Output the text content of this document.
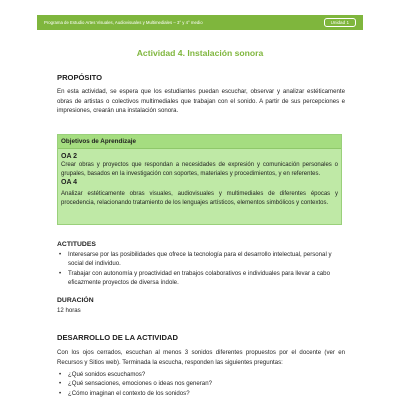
Programa de Estudio Artes Visuales, Audiovisuales y Multimediales – 3° y 4° medio	Unidad 1
Actividad 4. Instalación sonora

PROPÓSITO

En esta actividad, se espera que los estudiantes puedan escuchar, observar y analizar estéticamente obras de artistas o colectivos multimediales que trabajan con el sonido. A partir de sus percepciones e impresiones, crearán una instalación sonora.

Objetivos de Aprendizaje

OA 2

Crear obras y proyectos que respondan a necesidades de expresión y comunicación personales o grupales, basados en la investigación con soportes, materiales y procedimientos, y en referentes.

OA 4

Analizar estéticamente obras visuales, audiovisuales y multimediales de diferentes épocas y procedencia, relacionando tratamiento de los lenguajes artísticos, elementos simbólicos y contextos.

ACTITUDES

• Interesarse por las posibilidades que ofrece la tecnología para el desarrollo intelectual, personal y social del individuo.
• Trabajar con autonomía y proactividad en trabajos colaborativos e individuales para llevar a cabo eficazmente proyectos de diversa índole.

DURACIÓN

12 horas

DESARROLLO DE LA ACTIVIDAD

Con los ojos cerrados, escuchan al menos 3 sonidos diferentes propuestos por el docente (ver en Recursos y Sitios web). Terminada la escucha, responden las siguientes preguntas:

• ¿Qué sonidos escuchamos?
• ¿Qué sensaciones, emociones o ideas nos generan?
• ¿Cómo imaginan el contexto de los sonidos?
